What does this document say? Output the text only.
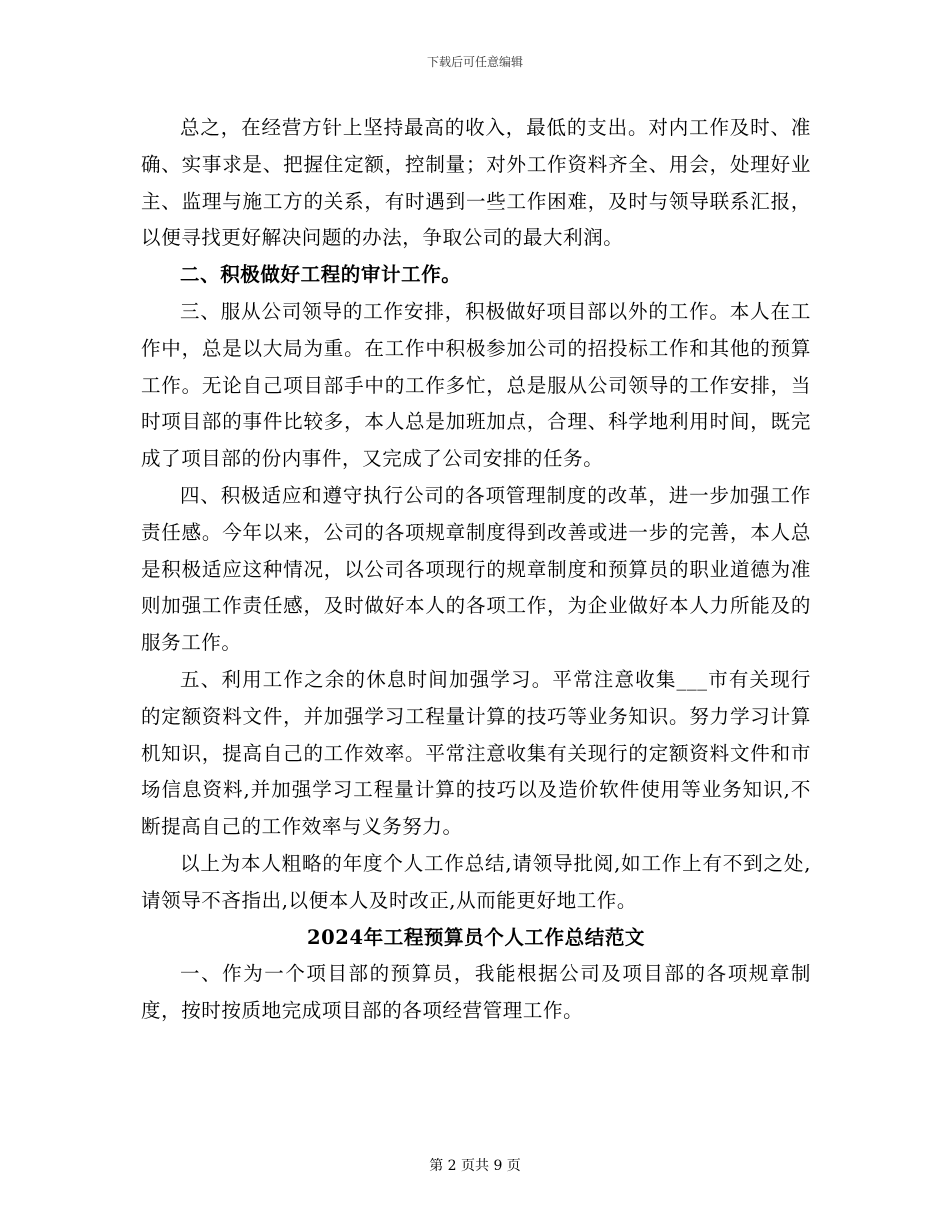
下载后可任意编辑

总之，在经营方针上坚持最高的收入，最低的支出。对内工作及时、准确、实事求是、把握住定额，控制量；对外工作资料齐全、用会，处理好业主、监理与施工方的关系，有时遇到一些工作困难，及时与领导联系汇报，以便寻找更好解决问题的办法，争取公司的最大利润。

二、积极做好工程的审计工作。

三、服从公司领导的工作安排，积极做好项目部以外的工作。本人在工作中，总是以大局为重。在工作中积极参加公司的招投标工作和其他的预算工作。无论自己项目部手中的工作多忙，总是服从公司领导的工作安排，当时项目部的事件比较多，本人总是加班加点，合理、科学地利用时间，既完成了项目部的份内事件，又完成了公司安排的任务。

四、积极适应和遵守执行公司的各项管理制度的改革，进一步加强工作责任感。今年以来，公司的各项规章制度得到改善或进一步的完善，本人总是积极适应这种情况，以公司各项现行的规章制度和预算员的职业道德为准则加强工作责任感，及时做好本人的各项工作，为企业做好本人力所能及的服务工作。

五、利用工作之余的休息时间加强学习。平常注意收集___市有关现行的定额资料文件，并加强学习工程量计算的技巧等业务知识。努力学习计算机知识，提高自己的工作效率。平常注意收集有关现行的定额资料文件和市场信息资料,并加强学习工程量计算的技巧以及造价软件使用等业务知识,不断提高自己的工作效率与义务努力。

以上为本人粗略的年度个人工作总结,请领导批阅,如工作上有不到之处,请领导不吝指出,以便本人及时改正,从而能更好地工作。

2024年工程预算员个人工作总结范文

一、作为一个项目部的预算员，我能根据公司及项目部的各项规章制度，按时按质地完成项目部的各项经营管理工作。

第 2 页共 9 页
